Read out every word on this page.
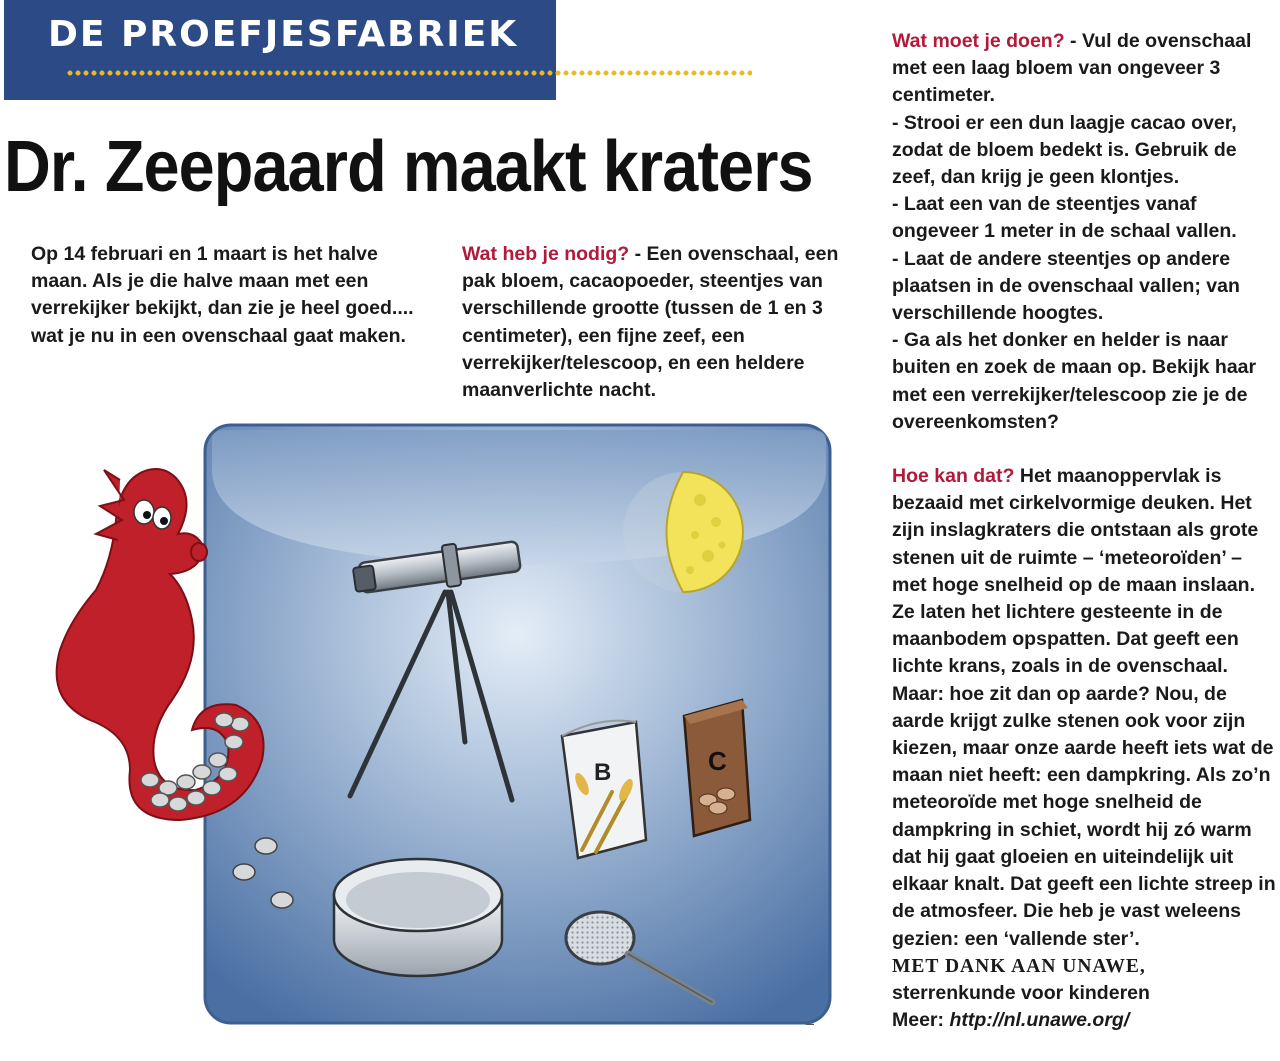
DE PROEFJESFABRIEK
Dr. Zeepaard maakt kraters

Op 14 februari en 1 maart is het halve maan. Als je die halve maan met een verrekijker bekijkt, dan zie je heel goed.... wat je nu in een ovenschaal gaat maken.

Wat heb je nodig? - Een ovenschaal, een pak bloem, cacaopoeder, steentjes van verschillende grootte (tussen de 1 en 3 centimeter), een fijne zeef, een verrekijker/telescoop, en een heldere maanverlichte nacht.

Wat moet je doen? - Vul de ovenschaal met een laag bloem van ongeveer 3 centimeter.

- Strooi er een dun laagje cacao over, zodat de bloem bedekt is. Gebruik de zeef, dan krijg je geen klontjes.

- Laat een van de steentjes vanaf ongeveer 1 meter in de schaal vallen.

- Laat de andere steentjes op andere plaatsen in de ovenschaal vallen; van verschillende hoogtes.

- Ga als het donker en helder is naar buiten en zoek de maan op. Bekijk haar met een verrekijker/telescoop zie je de overeenkomsten?

Hoe kan dat? Het maanoppervlak is bezaaid met cirkelvormige deuken. Het zijn inslagkraters die ontstaan als grote stenen uit de ruimte – ‘meteoroïden’ – met hoge snelheid op de maan inslaan. Ze laten het lichtere gesteente in de maanbodem opspatten. Dat geeft een lichte krans, zoals in de ovenschaal. Maar: hoe zit dan op aarde? Nou, de aarde krijgt zulke stenen ook voor zijn kiezen, maar onze aarde heeft iets wat de maan niet heeft: een dampkring. Als zo’n meteoroïde met hoge snelheid de dampkring in schiet, wordt hij zó warm dat hij gaat gloeien en uiteindelijk uit elkaar knalt. Dat geeft een lichte streep in de atmosfeer. Die heb je vast weleens gezien: een ‘vallende ster’.

MET DANK AAN UNAWE,

sterrenkunde voor kinderen

Meer: http://nl.unawe.org/

B	C
